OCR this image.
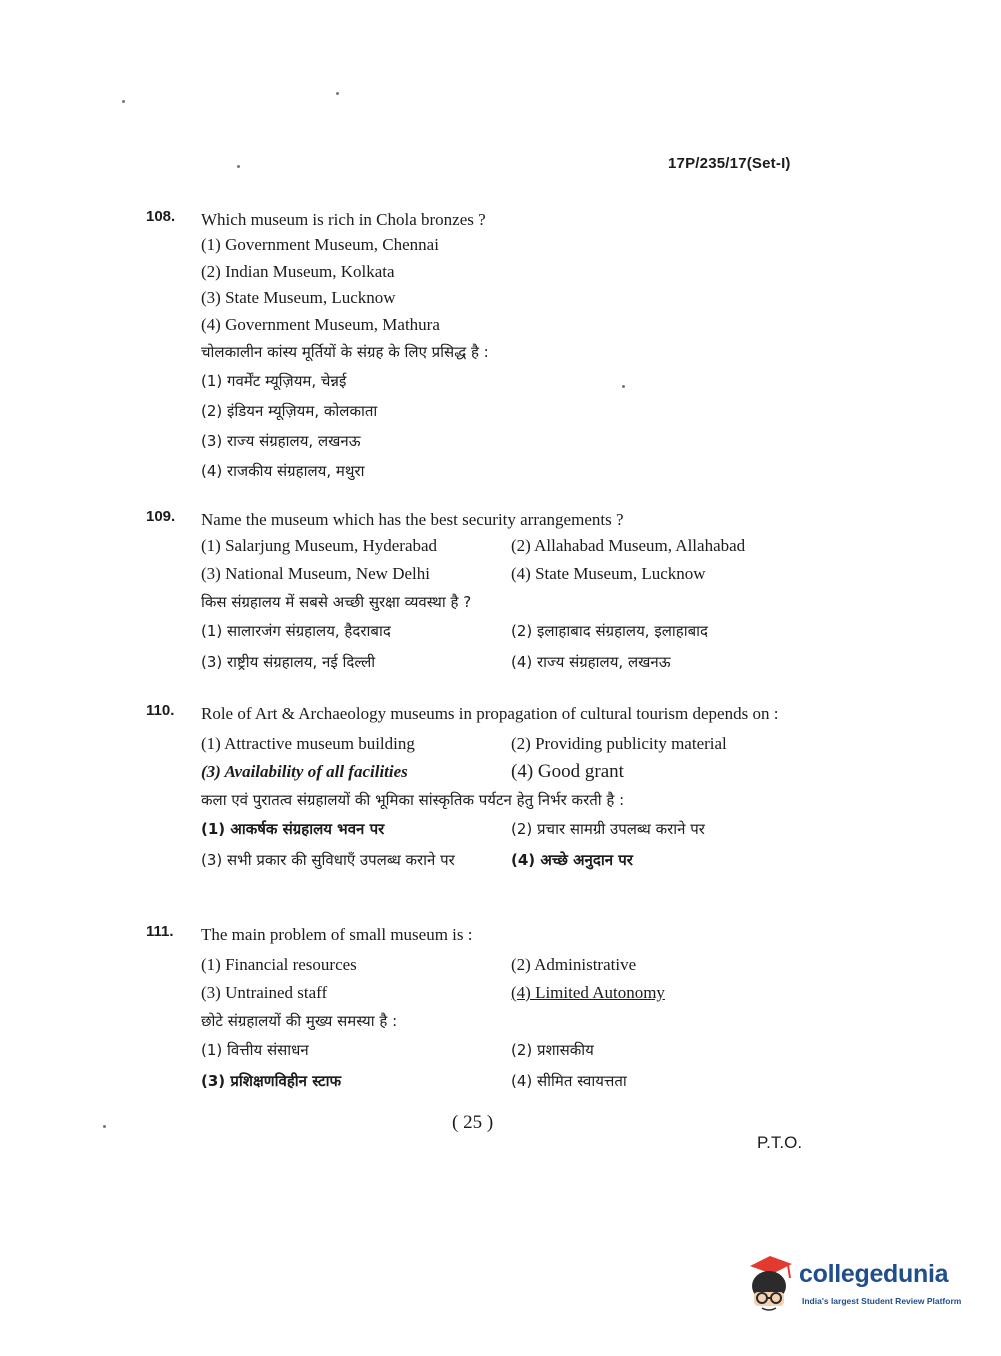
17P/235/17(Set-I)
108. Which museum is rich in Chola bronzes ?
(1) Government Museum, Chennai
(2) Indian Museum, Kolkata
(3) State Museum, Lucknow
(4) Government Museum, Mathura
चोलकालीन कांस्य मूर्तियों के संग्रह के लिए प्रसिद्ध है :
(1) गवर्मेंट म्यूज़ियम, चेन्नई
(2) इंडियन म्यूज़ियम, कोलकाता
(3) राज्य संग्रहालय, लखनऊ
(4) राजकीय संग्रहालय, मथुरा
109. Name the museum which has the best security arrangements ?
(1) Salarjung Museum, Hyderabad	(2) Allahabad Museum, Allahabad
(3) National Museum, New Delhi	(4) State Museum, Lucknow
किस संग्रहालय में सबसे अच्छी सुरक्षा व्यवस्था है ?
(1) सालारजंग संग्रहालय, हैदराबाद	(2) इलाहाबाद संग्रहालय, इलाहाबाद
(3) राष्ट्रीय संग्रहालय, नई दिल्ली	(4) राज्य संग्रहालय, लखनऊ
110. Role of Art & Archaeology museums in propagation of cultural tourism depends on :
(1) Attractive museum building	(2) Providing publicity material
(3) Availability of all facilities	(4) Good grant
कला एवं पुरातत्व संग्रहालयों की भूमिका सांस्कृतिक पर्यटन हेतु निर्भर करती है :
(1) आकर्षक संग्रहालय भवन पर	(2) प्रचार सामग्री उपलब्ध कराने पर
(3) सभी प्रकार की सुविधाएँ उपलब्ध कराने पर	(4) अच्छे अनुदान पर
111. The main problem of small museum is :
(1) Financial resources	(2) Administrative
(3) Untrained staff	(4) Limited Autonomy
छोटे संग्रहालयों की मुख्य समस्या है :
(1) वित्तीय संसाधन	(2) प्रशासकीय
(3) प्रशिक्षणविहीन स्टाफ	(4) सीमित स्वायत्तता
( 25 )
P.T.O.
collegedunia
India's largest Student Review Platform
